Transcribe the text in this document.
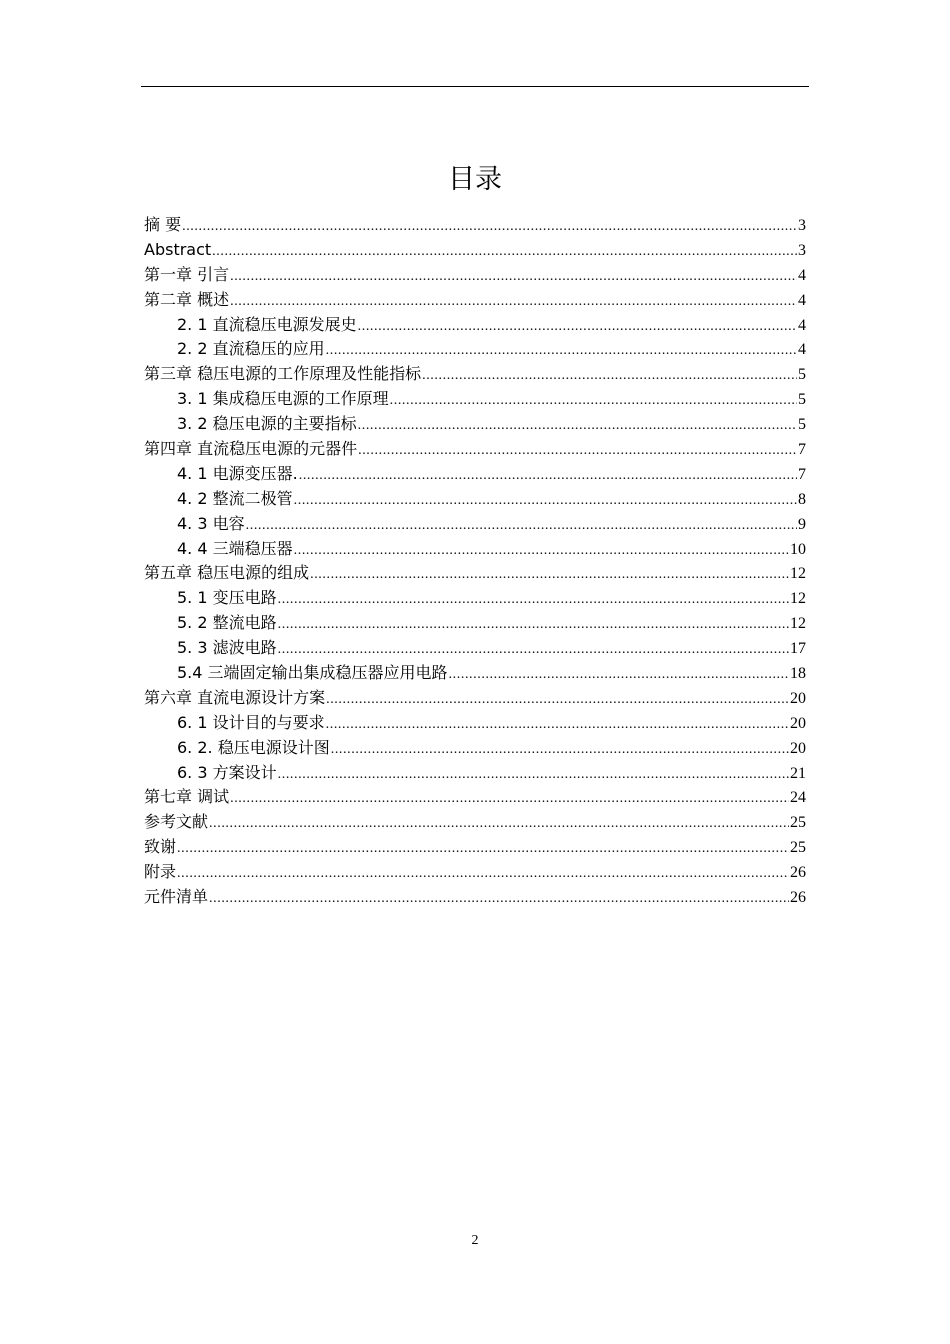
目录
摘 要 .....	3
Abstract .....	3
第一章 引言 .....	4
第二章 概述 .....	4
2. 1 直流稳压电源发展史 .....	4
2. 2 直流稳压的应用 .....	4
第三章 稳压电源的工作原理及性能指标 .....	5
3. 1 集成稳压电源的工作原理 .....	5
3. 2 稳压电源的主要指标 .....	5
第四章 直流稳压电源的元器件 .....	7
4. 1 电源变压器. .....	7
4. 2 整流二极管 .....	8
4. 3 电容 .....	9
4. 4 三端稳压器 .....	10
第五章 稳压电源的组成 .....	12
5. 1 变压电路 .....	12
5. 2 整流电路 .....	12
5. 3 滤波电路 .....	17
5.4 三端固定输出集成稳压器应用电路 .....	18
第六章 直流电源设计方案 .....	20
6. 1 设计目的与要求 .....	20
6. 2. 稳压电源设计图 .....	20
6. 3 方案设计 .....	21
第七章 调试 .....	24
参考文献 .....	25
致谢 .....	25
附录 .....	26
元件清单 .....	26
2
